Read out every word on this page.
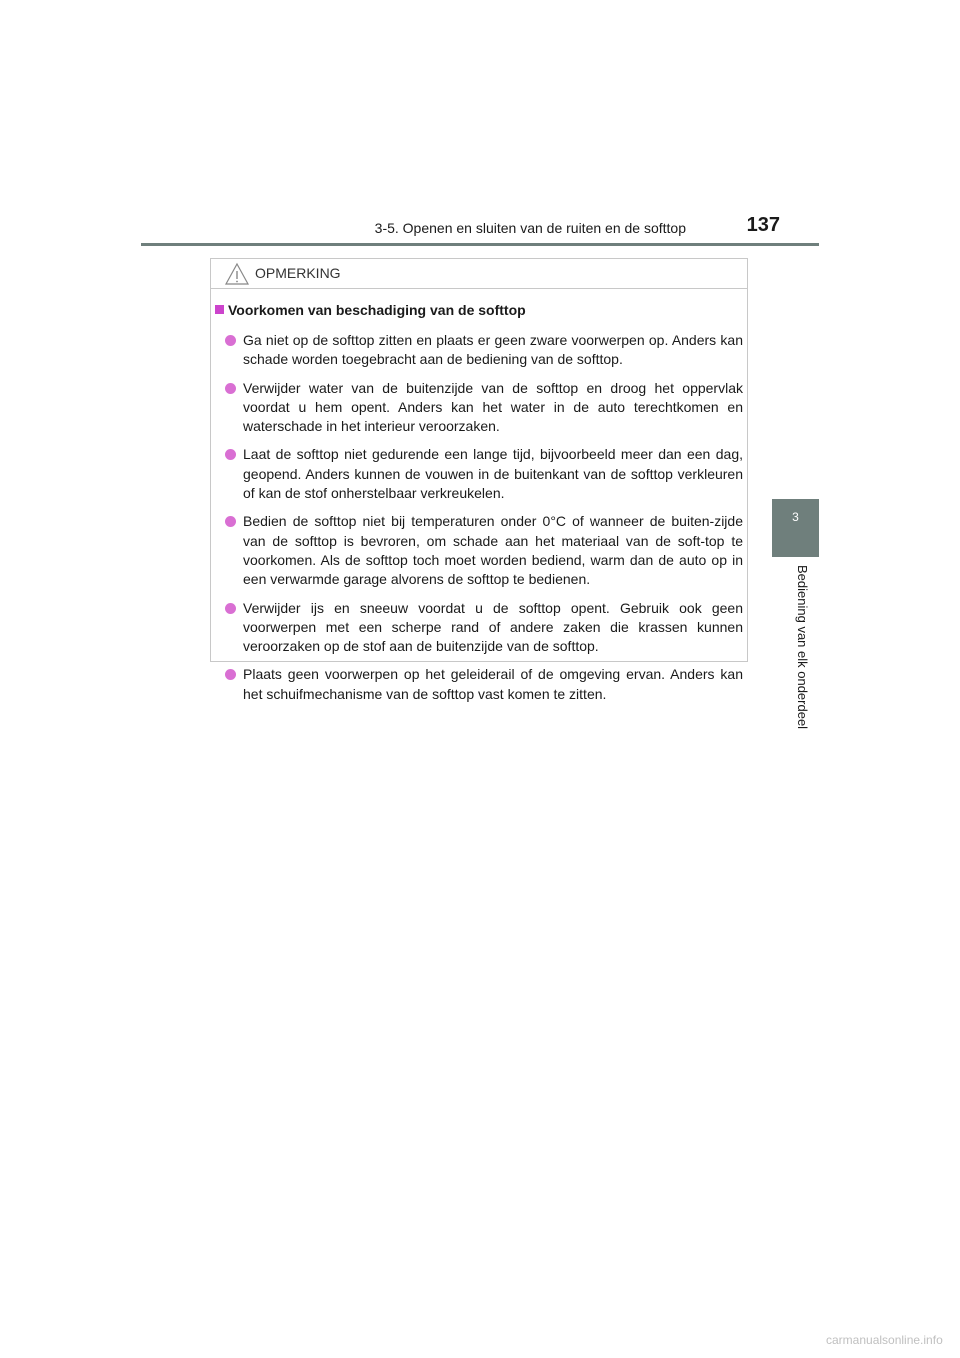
3-5. Openen en sluiten van de ruiten en de softtop	137
3
Bediening van elk onderdeel
OPMERKING
Voorkomen van beschadiging van de softtop
Ga niet op de softtop zitten en plaats er geen zware voorwerpen op. Anders kan schade worden toegebracht aan de bediening van de softtop.
Verwijder water van de buitenzijde van de softtop en droog het oppervlak voordat u hem opent. Anders kan het water in de auto terechtkomen en waterschade in het interieur veroorzaken.
Laat de softtop niet gedurende een lange tijd, bijvoorbeeld meer dan een dag, geopend. Anders kunnen de vouwen in de buitenkant van de softtop verkleuren of kan de stof onherstelbaar verkreukelen.
Bedien de softtop niet bij temperaturen onder 0°C of wanneer de buiten-zijde van de softtop is bevroren, om schade aan het materiaal van de soft-top te voorkomen. Als de softtop toch moet worden bediend, warm dan de auto op in een verwarmde garage alvorens de softtop te bedienen.
Verwijder ijs en sneeuw voordat u de softtop opent. Gebruik ook geen voorwerpen met een scherpe rand of andere zaken die krassen kunnen veroorzaken op de stof aan de buitenzijde van de softtop.
Plaats geen voorwerpen op het geleiderail of de omgeving ervan. Anders kan het schuifmechanisme van de softtop vast komen te zitten.
carmanualsonline.info
